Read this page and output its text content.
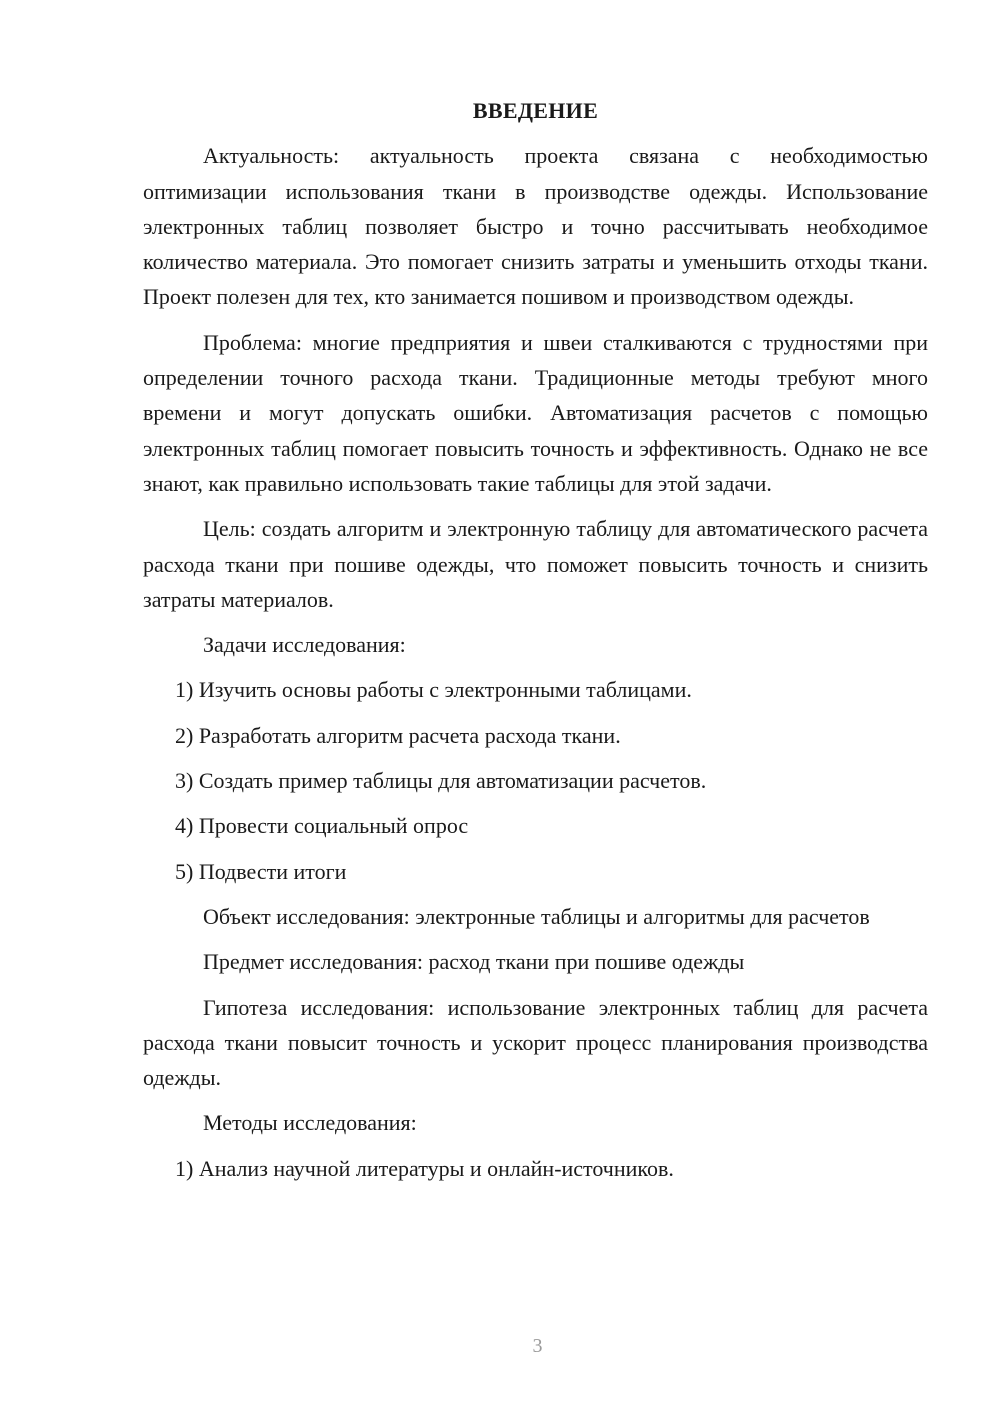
ВВЕДЕНИЕ

Актуальность: актуальность проекта связана с необходимостью оптимизации использования ткани в производстве одежды. Использование электронных таблиц позволяет быстро и точно рассчитывать необходимое количество материала. Это помогает снизить затраты и уменьшить отходы ткани. Проект полезен для тех, кто занимается пошивом и производством одежды.

Проблема: многие предприятия и швеи сталкиваются с трудностями при определении точного расхода ткани. Традиционные методы требуют много времени и могут допускать ошибки. Автоматизация расчетов с помощью электронных таблиц помогает повысить точность и эффективность. Однако не все знают, как правильно использовать такие таблицы для этой задачи.

Цель: создать алгоритм и электронную таблицу для автоматического расчета расхода ткани при пошиве одежды, что поможет повысить точность и снизить затраты материалов.

Задачи исследования:

1) Изучить основы работы с электронными таблицами.
2) Разработать алгоритм расчета расхода ткани.
3) Создать пример таблицы для автоматизации расчетов.
4) Провести социальный опрос
5) Подвести итоги

Объект исследования: электронные таблицы и алгоритмы для расчетов

Предмет исследования: расход ткани при пошиве одежды

Гипотеза исследования: использование электронных таблиц для расчета расхода ткани повысит точность и ускорит процесс планирования производства одежды.

Методы исследования:

1) Анализ научной литературы и онлайн-источников.
3
